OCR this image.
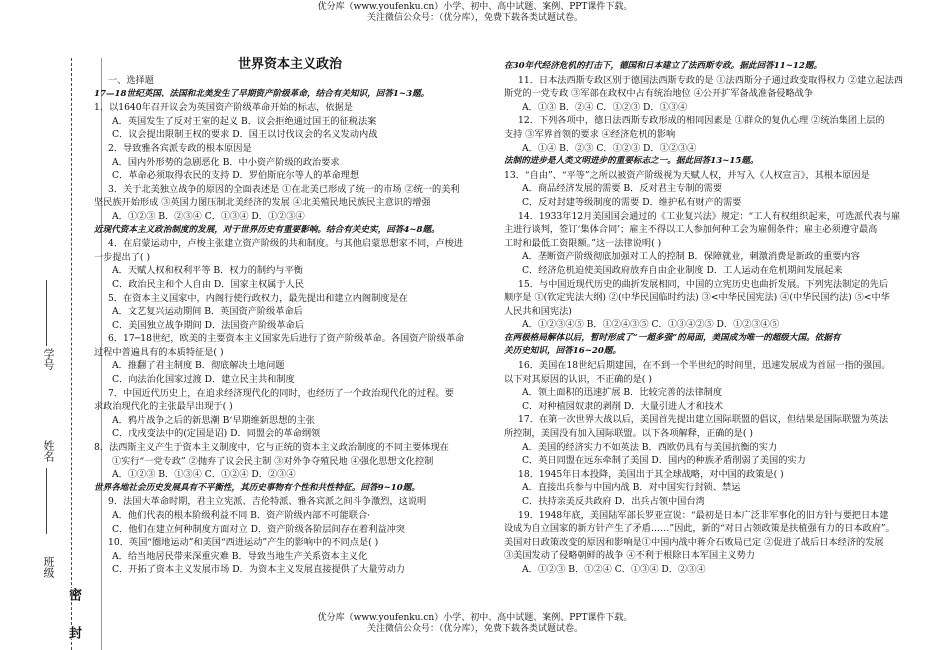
优分库（www.youfenku.cn）小学、初中、高中试题、案例、PPT课件下载。
关注微信公众号：（优分库），免费下载各类试题试卷。
学号
姓名
班级
密
封
世界资本主义政治
一、选择题
17—18世纪英国、法国和北美发生了早期资产阶级革命，结合有关知识，回答1~3题。
1．以1640年召开议会为英国资产阶级革命开始的标志，依据是
A．英国发生了反对王室的起义 B．议会拒绝通过国王的征税法案
C．议会提出限制王权的要求 D．国王以讨伐议会的名义发动内战
2．导致雅各宾派专政的根本原因是
A．国内外形势的急剧恶化 B．中小资产阶级的政治要求
C．革命必须取得农民的支持 D．罗伯斯庇尔等人的革命理想
3．关于北美独立战争的原因的全面表述是 ①在北美已形成了统一的市场 ②统一的美利
坚民族开始形成 ③英国力图压制北美经济的发展 ④北美殖民地民族民主意识的增强
A．①②③ B．②③④ C．①③④ D．①②③④
近现代资本主义政治制度的发展，对于世界历史有重要影响。结合有关史实，回答4~8题。
4．在启蒙运动中，卢梭主张建立资产阶级的共和制度。与其他启蒙思想家不同，卢梭进
一步提出了( )
A．天赋人权和权利平等 B．权力的制约与平衡
C．政治民主和个人自由 D．国家主权属于人民
5．在资本主义国家中，内阁行使行政权力，最先提出和建立内阁制度是在
A．文艺复兴运动期间 B．英国资产阶级革命后
C．美国独立战争期间 D．法国资产阶级革命后
6．17─18世纪，欧美的主要资本主义国家先后进行了资产阶级革命。各国资产阶级革命
过程中普遍具有的本质特征是( )
A．推翻了君主制度 B．彻底解决土地问题
C．向法治化国家过渡 D．建立民主共和制度
7．中国近代历史上，在追求经济现代化的同时，也经历了一个政治现代化的过程。要
求政治现代化的主张最早出现于( )
A．鸦片战争之后的新思潮 B‘早期维新思想的主张
C．戊戌变法中的(定国是诏) D．同盟会的革命纲领
8．法西斯主义产生于资本主义制度中，它与正统的资本主义政治制度的不同主要体现在
①实行“一党专政” ②抛弃了议会民主制 ③对外争夺殖民地 ④强化思想文化控制
A．①②③ B．①③④ C．①②④ D．②③④
世界各地社会历史发展具有不平衡性，其历史事物有个性和共性特征。回答9~10题。
9．法国大革命时期，君主立宪派、吉伦特派、雅各宾派之间斗争激烈，这说明
A．他们代表的根本阶级利益不同 B．资产阶级内部不可能联合·
C．他们在建立何种制度方面对立 D．资产阶级各阶层间存在着利益冲突
10．英国“圈地运动”和美国“西进运动”产生的影响中的不同点是( )
A．给当地居民带来深重灾难 B．导致当地生产关系资本主义化
C．开拓了资本主义发展市场 D．为资本主义发展直接提供了大量劳动力
在30年代经济危机的打击下，德国和日本建立了法西斯专政。据此回答11~12题。
11．日本法西斯专政区别于德国法西斯专政的是 ①法西斯分子通过政变取得权力 ②建立起法西
斯党的一党专政 ③军部在政权中占有统治地位 ④公开扩军备战准备侵略战争
A．①③ B．②④ C．①②③ D．①③④
12．下列各项中，德日法西斯专政形成的相同因素是 ①群众的复仇心理 ②统治集团上层的
支持 ③军界首领的要求 ④经济危机的影响
A．①④ B．②③ C．①②③ D．①②③④
法制的进步是人类文明进步的重要标志之一。据此回答13~15题。
13．“自由”、“平等”之所以被资产阶级视为天赋人权，并写入《人权宣言》，其根本原因是
A．商品经济发展的需要 B．反对君主专制的需要
C．反对封建等级制度的需要 D．维护私有财产的需要
14．1933年12月美国国会通过的《工业复兴法》规定：“工人有权组织起来，可选派代表与雇
主进行谈判，签订‘集体合同’；雇主不得以工人参加何种工会为雇佣条件；雇主必须遵守最高
工时和最低工资限额。”这一法律说明( )
A．垄断资产阶级彻底加强对工人的控制 B．保障就业，刺激消费是新政的重要内容
C．经济危机迫使美国政府放弃自由企业制度 D．工人运动在危机期间发展起来
15．与中国近现代历史的曲折发展相同，中国的立宪历史也曲折发展。下列宪法制定的先后
顺序是 ①(钦定宪法大纲) ②(中华民国临时约法) ③<中华民国宪法) ④(中华民国约法) ⑤<中华
人民共和国宪法)
A．①②③④⑤ B．①②④③⑤ C．①③④②⑤ D．①②③④⑤
在两极格局解体以后，暂时形成了“一超多强”的局面，美国成为唯一的超级大国。依据有
关历史知识，回答16~20题。
16．美国在18世纪后期建国，在不到一个半世纪的时间里，迅速发展成为首屈一指的强国。
以下对其原因的认识，不正确的是( )
A．领土面积的迅速扩展 B．比较完善的法律制度
C．对种植园奴隶的剥削 D．大量引进人才和技术
17．在第一次世界大战以后，美国首先提出建立国际联盟的倡议，但结果是国际联盟为英法
所控制，美国没有加入国际联盟。以下各项解释，正确的是( )
A．美国的经济实力不如英法 B．西欧仍具有与美国抗衡的实力
C．英日同盟在远东牵制了美国 D．国内的种族矛盾削弱了美国的实力
18．1945年日本投降，美国出于其全球战略，对中国的政策是( )
A．直接出兵参与中国内战 B．对中国实行封锁、禁运
C．扶持亲美反共政府 D．出兵占领中国台湾
19．1948年底，美国陆军部长罗亚宣说：“最初是日本广泛非军事化的旧方针与要把日本建
设成为自立国家的新方针产生了矛盾……”因此，新的“对日占领政策是扶植强有力的日本政府”。
美国对日政策改变的原因和影响是①中国内战中蒋介石败局已定 ②促进了战后日本经济的发展
③美国发动了侵略朝鲜的战争 ④不利于根除日本军国主义势力
A．①②③ B．①②④ C．①③④ D．②③④
优分库（www.youfenku.cn）小学、初中、高中试题、案例、PPT课件下载。
关注微信公众号：（优分库），免费下载各类试题试卷。
